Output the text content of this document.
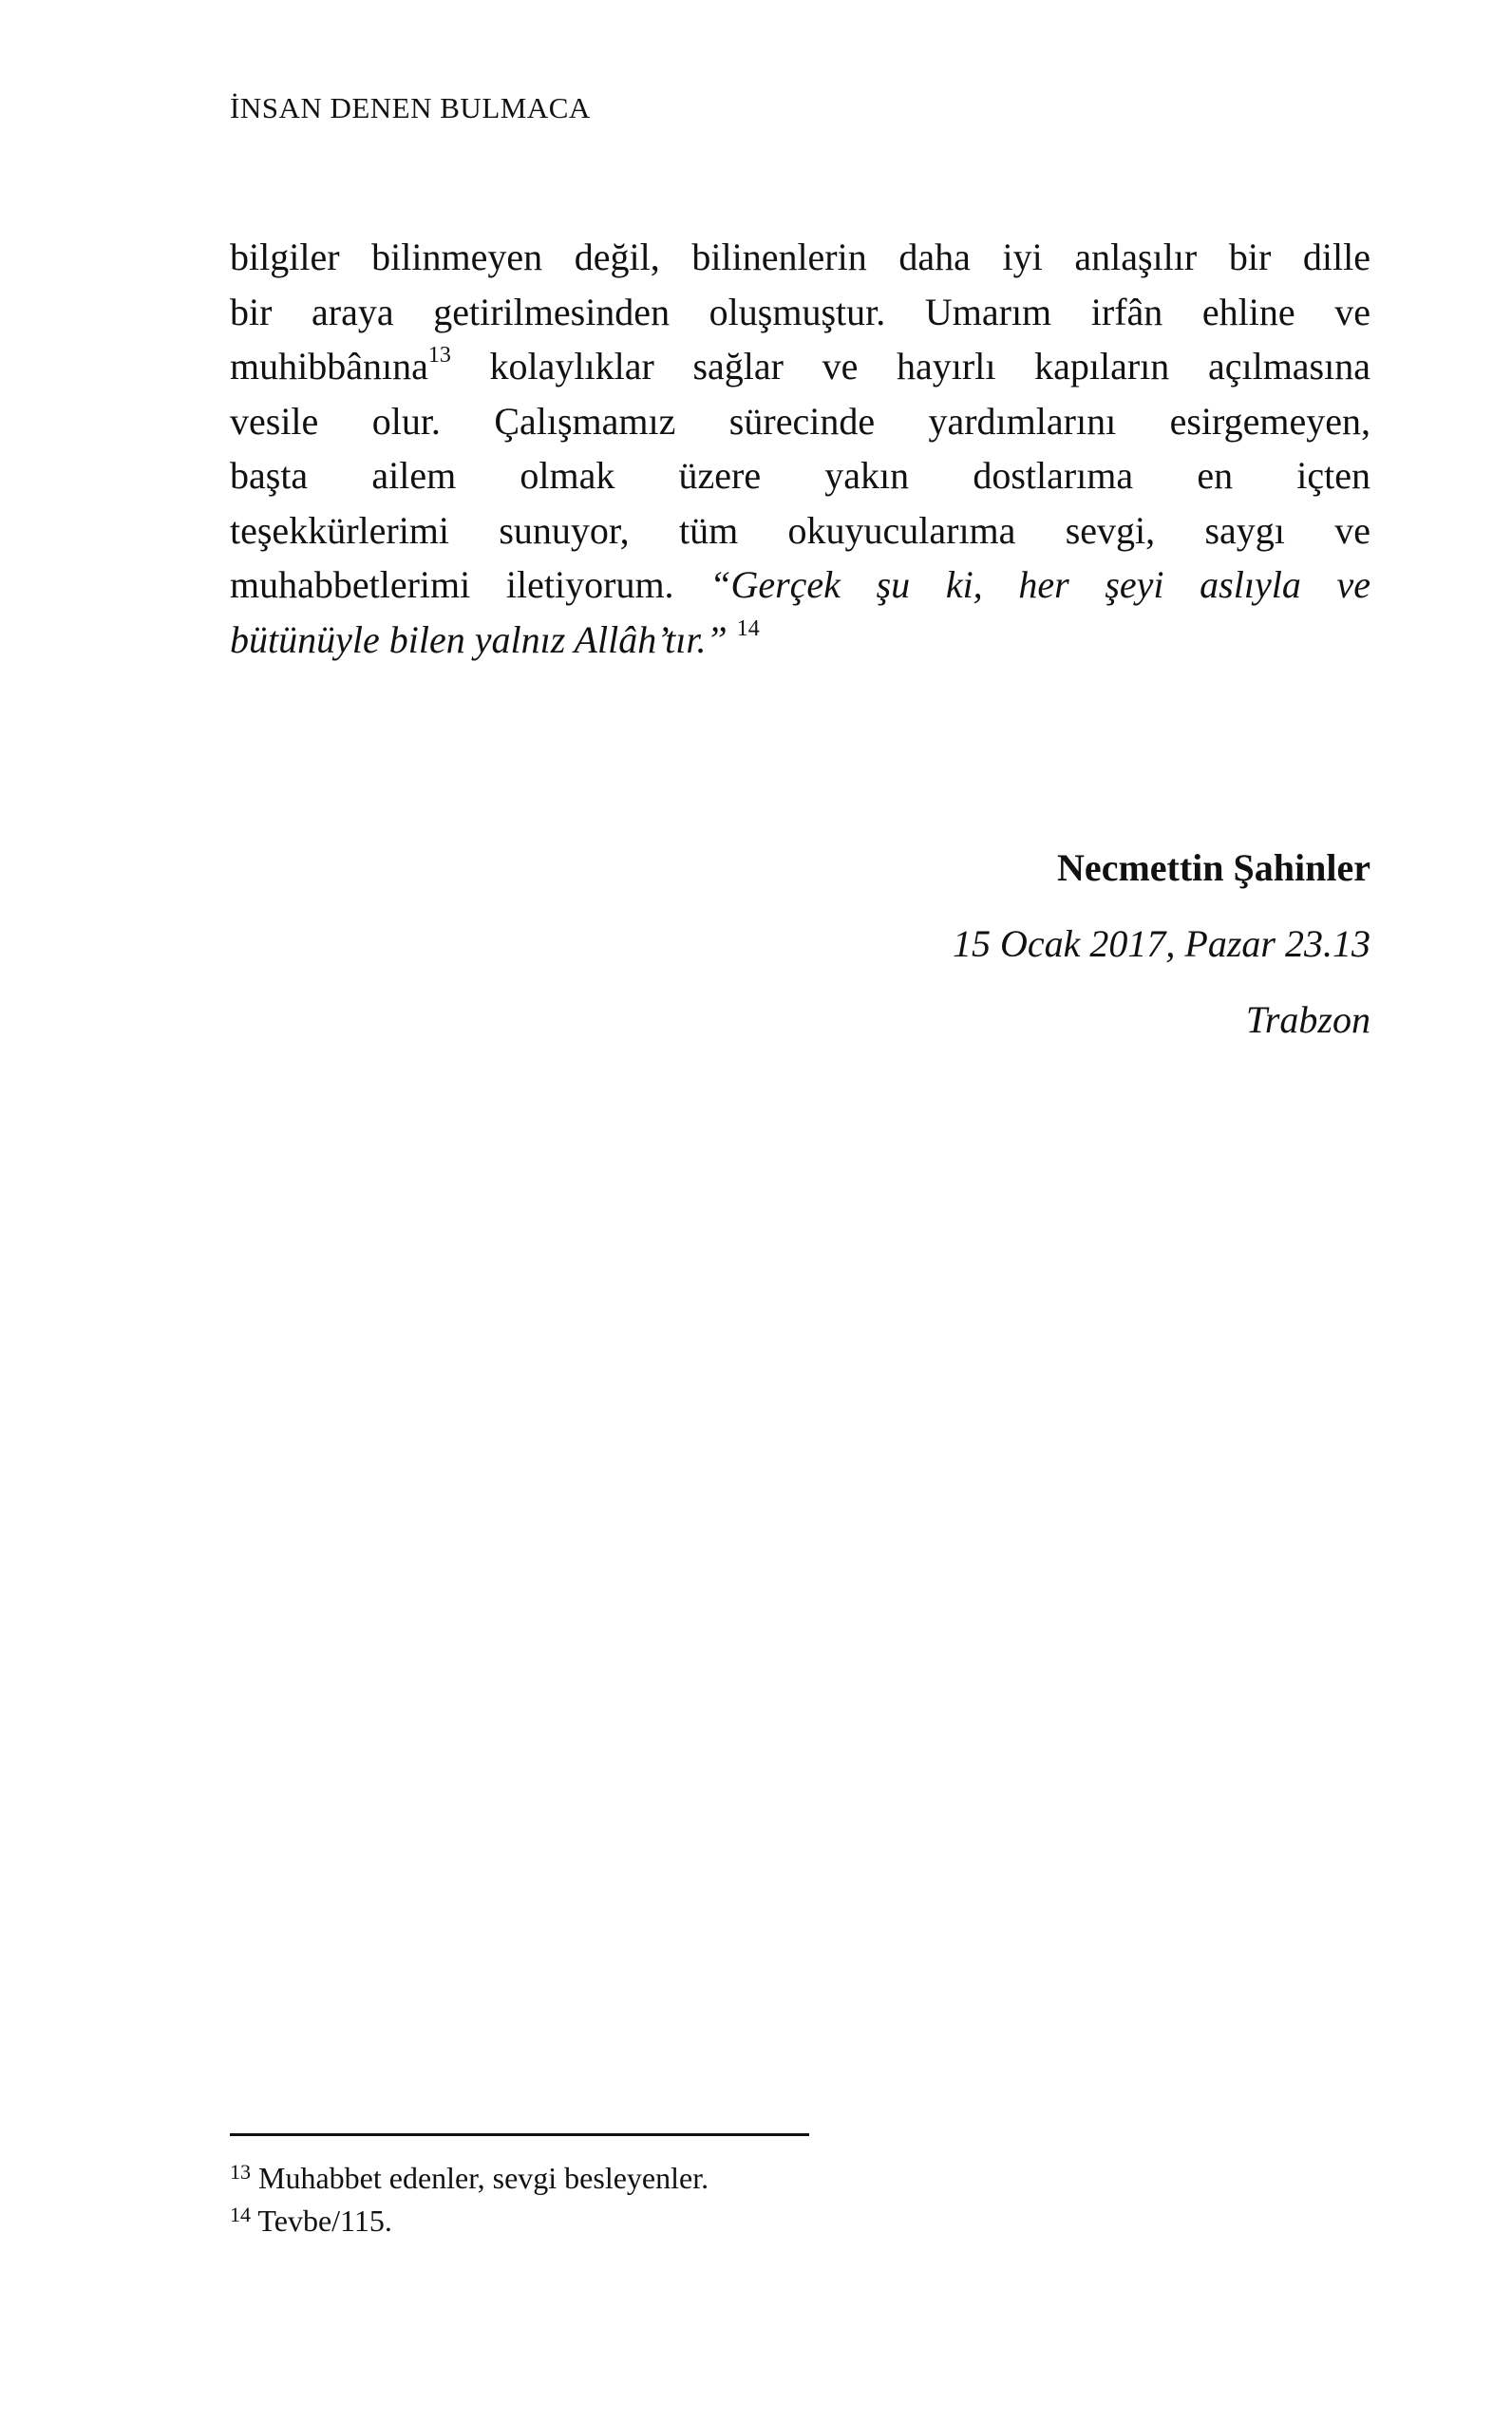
İNSAN DENEN BULMACA
bilgiler bilinmeyen değil, bilinenlerin daha iyi anlaşılır bir dille
bir araya getirilmesinden oluşmuştur. Umarım irfân ehline ve
muhibbânına$^{13}$ kolaylıklar sağlar ve hayırlı kapıların açılmasına
vesile olur. Çalışmamız sürecinde yardımlarını esirgemeyen,
başta ailem olmak üzere yakın dostlarıma en içten
teşekkürlerimi sunuyor, tüm okuyucularıma sevgi, saygı ve
muhabbetlerimi iletiyorum. “Gerçek şu ki, her şeyi aslıyla ve
bütünüyle bilen yalnız Allâh’tır.” $^{14}$
Necmettin Şahinler
15 Ocak 2017, Pazar 23.13
Trabzon
$^{13}$ Muhabbet edenler, sevgi besleyenler.
$^{14}$ Tevbe/115.
